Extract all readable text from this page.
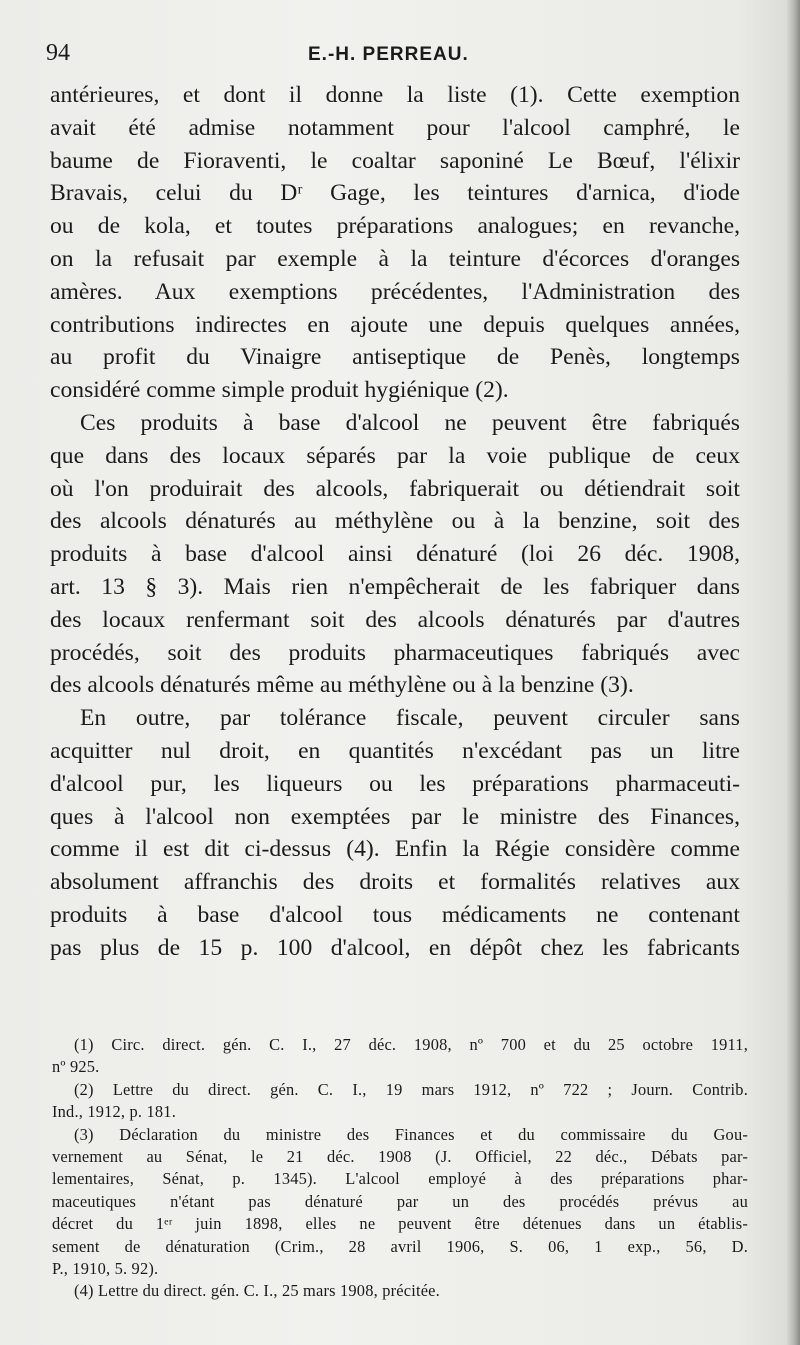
94	E.-H. PERREAU.
antérieures, et dont il donne la liste (1). Cette exemption
avait été admise notamment pour l'alcool camphré, le
baume de Fioraventi, le coaltar saponiné Le Bœuf, l'élixir
Bravais, celui du Dʳ Gage, les teintures d'arnica, d'iode
ou de kola, et toutes préparations analogues; en revanche,
on la refusait par exemple à la teinture d'écorces d'oranges
amères. Aux exemptions précédentes, l'Administration des
contributions indirectes en ajoute une depuis quelques années,
au profit du Vinaigre antiseptique de Penès, longtemps
considéré comme simple produit hygiénique (2).
Ces produits à base d'alcool ne peuvent être fabriqués
que dans des locaux séparés par la voie publique de ceux
où l'on produirait des alcools, fabriquerait ou détiendrait soit
des alcools dénaturés au méthylène ou à la benzine, soit des
produits à base d'alcool ainsi dénaturé (loi 26 déc. 1908,
art. 13 § 3). Mais rien n'empêcherait de les fabriquer dans
des locaux renfermant soit des alcools dénaturés par d'autres
procédés, soit des produits pharmaceutiques fabriqués avec
des alcools dénaturés même au méthylène ou à la benzine (3).
En outre, par tolérance fiscale, peuvent circuler sans
acquitter nul droit, en quantités n'excédant pas un litre
d'alcool pur, les liqueurs ou les préparations pharmaceuti-
ques à l'alcool non exemptées par le ministre des Finances,
comme il est dit ci-dessus (4). Enfin la Régie considère comme
absolument affranchis des droits et formalités relatives aux
produits à base d'alcool tous médicaments ne contenant
pas plus de 15 p. 100 d'alcool, en dépôt chez les fabricants
(1) Circ. direct. gén. C. I., 27 déc. 1908, nº 700 et du 25 octobre 1911,
nº 925.
(2) Lettre du direct. gén. C. I., 19 mars 1912, nº 722 ; Journ. Contrib.
Ind., 1912, p. 181.
(3) Déclaration du ministre des Finances et du commissaire du Gou-
vernement au Sénat, le 21 déc. 1908 (J. Officiel, 22 déc., Débats par-
lementaires, Sénat, p. 1345). L'alcool employé à des préparations phar-
maceutiques n'étant pas dénaturé par un des procédés prévus au
décret du 1ᵉʳ juin 1898, elles ne peuvent être détenues dans un établis-
sement de dénaturation (Crim., 28 avril 1906, S. 06, 1 exp., 56, D.
P., 1910, 5. 92).
(4) Lettre du direct. gén. C. I., 25 mars 1908, précitée.
